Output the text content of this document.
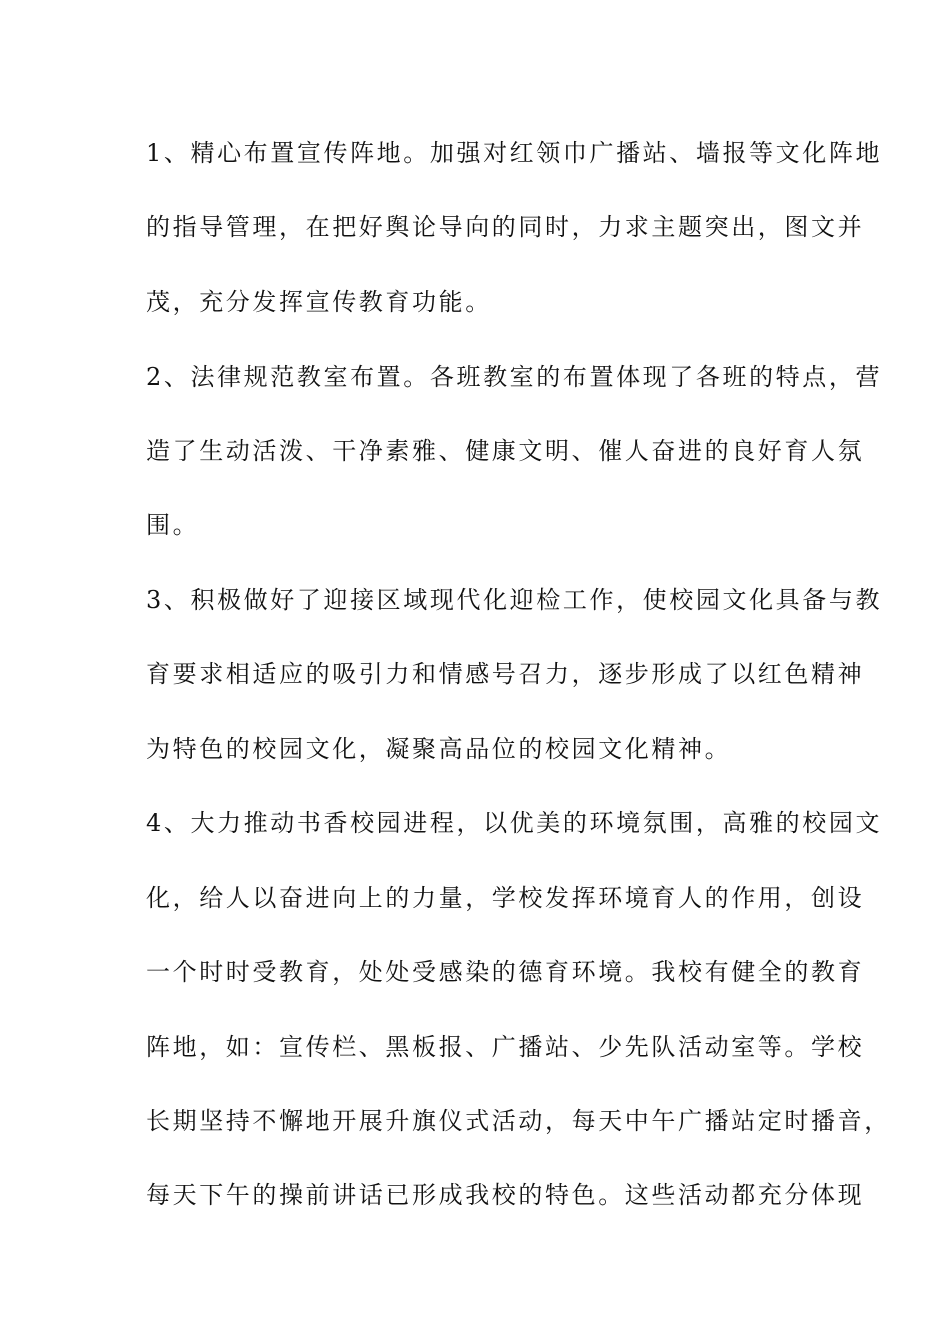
1、精心布置宣传阵地。加强对红领巾广播站、墙报等文化阵地
的指导管理，在把好舆论导向的同时，力求主题突出，图文并
茂，充分发挥宣传教育功能。
2、法律规范教室布置。各班教室的布置体现了各班的特点，营
造了生动活泼、干净素雅、健康文明、催人奋进的良好育人氛
围。
3、积极做好了迎接区域现代化迎检工作，使校园文化具备与教
育要求相适应的吸引力和情感号召力，逐步形成了以红色精神
为特色的校园文化，凝聚高品位的校园文化精神。
4、大力推动书香校园进程，以优美的环境氛围，高雅的校园文
化，给人以奋进向上的力量，学校发挥环境育人的作用，创设
一个时时受教育，处处受感染的德育环境。我校有健全的教育
阵地，如：宣传栏、黑板报、广播站、少先队活动室等。学校
长期坚持不懈地开展升旗仪式活动，每天中午广播站定时播音，
每天下午的操前讲话已形成我校的特色。这些活动都充分体现
